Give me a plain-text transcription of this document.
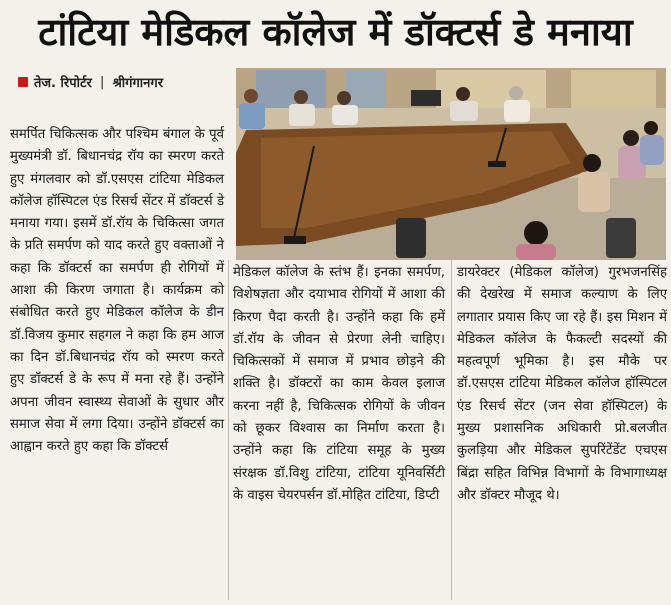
टांटिया मेडिकल कॉलेज में डॉक्टर्स डे मनाया
तेज. रिपोर्टर | श्रीगंगानगर
समर्पित चिकित्सक और पश्चिम बंगाल के पूर्व मुख्यमंत्री डॉ. बिधानचंद्र रॉय का स्मरण करते हुए मंगलवार को डॉ.एसएस टांटिया मेडिकल कॉलेज हॉस्पिटल एंड रिसर्च सेंटर में डॉक्टर्स डे मनाया गया। इसमें डॉ.रॉय के चिकित्सा जगत के प्रति समर्पण को याद करते हुए वक्ताओं ने कहा कि डॉक्टर्स का समर्पण ही रोगियों में आशा की किरण जगाता है। कार्यक्रम को संबोधित करते हुए मेडिकल कॉलेज के डीन डॉ.विजय कुमार सहगल ने कहा कि हम आज का दिन डॉ.बिधानचंद्र रॉय को स्मरण करते हुए डॉक्टर्स डे के रूप में मना रहे हैं। उन्होंने अपना जीवन स्वास्थ्य सेवाओं के सुधार और समाज सेवा में लगा दिया। उन्होंने डॉक्टर्स का आह्वान करते हुए कहा कि डॉक्टर्स
मेडिकल कॉलेज के स्तंभ हैं। इनका समर्पण, विशेषज्ञता और दयाभाव रोगियों में आशा की किरण पैदा करती है। उन्होंने कहा कि हमें डॉ.रॉय के जीवन से प्रेरणा लेनी चाहिए। चिकित्सकों में समाज में प्रभाव छोड़ने की शक्ति है। डॉक्टरों का काम केवल इलाज करना नहीं है, चिकित्सक रोगियों के जीवन को छूकर विश्वास का निर्माण करता है। उन्होंने कहा कि टांटिया समूह के मुख्य संरक्षक डॉ.विशु टांटिया, टांटिया यूनिवर्सिटी के वाइस चेयरपर्सन डॉ.मोहित टांटिया, डिप्टी
डायरेक्टर (मेडिकल कॉलेज) गुरभजनसिंह की देखरेख में समाज कल्याण के लिए लगातार प्रयास किए जा रहे हैं। इस मिशन में मेडिकल कॉलेज के फैकल्टी सदस्यों की महत्वपूर्ण भूमिका है। इस मौके पर डॉ.एसएस टांटिया मेडिकल कॉलेज हॉस्पिटल एंड रिसर्च सेंटर (जन सेवा हॉस्पिटल) के मुख्य प्रशासनिक अधिकारी प्रो.बलजीत कुलड़िया और मेडिकल सुपरिंटेंडेंट एचएस बिंद्रा सहित विभिन्न विभागों के विभागाध्यक्ष और डॉक्टर मौजूद थे।
